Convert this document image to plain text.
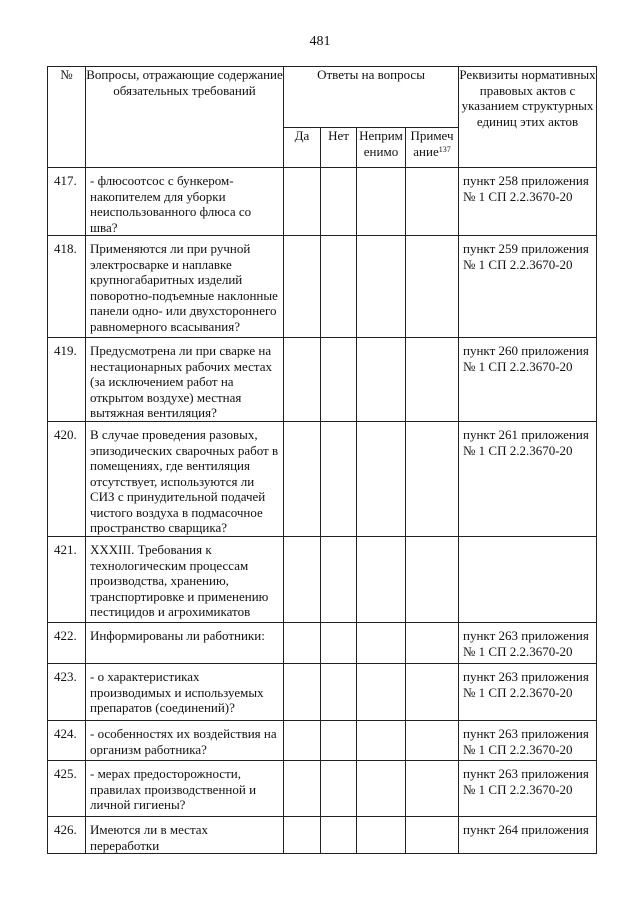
481
№	Вопросы, отражающие содержание обязательных требований	Ответы на вопросы				Реквизиты нормативных правовых актов с указанием структурных единиц этих актов
		Да	Нет	Неприм енимо	Примеч ание$^{137}$
417.	- флюсоотсос с бункером-накопителем для уборки неиспользованного флюса со шва?					пункт 258 приложения № 1 СП 2.2.3670-20
418.	Применяются ли при ручной электросварке и наплавке крупногабаритных изделий поворотно-подъемные наклонные панели одно- или двухстороннего равномерного всасывания?					пункт 259 приложения № 1 СП 2.2.3670-20
419.	Предусмотрена ли при сварке на нестационарных рабочих местах (за исключением работ на открытом воздухе) местная вытяжная вентиляция?					пункт 260 приложения № 1 СП 2.2.3670-20
420.	В случае проведения разовых, эпизодических сварочных работ в помещениях, где вентиляция отсутствует, используются ли СИЗ с принудительной подачей чистого воздуха в подмасочное пространство сварщика?					пункт 261 приложения № 1 СП 2.2.3670-20
421.	XXXIII. Требования к технологическим процессам производства, хранению, транспортировке и применению пестицидов и агрохимикатов					
422.	Информированы ли работники:					пункт 263 приложения № 1 СП 2.2.3670-20
423.	- о характеристиках производимых и используемых препаратов (соединений)?					пункт 263 приложения № 1 СП 2.2.3670-20
424.	- особенностях их воздействия на организм работника?					пункт 263 приложения № 1 СП 2.2.3670-20
425.	- мерах предосторожности, правилах производственной и личной гигиены?					пункт 263 приложения № 1 СП 2.2.3670-20
426.	Имеются ли в местах переработки					пункт 264 приложения
